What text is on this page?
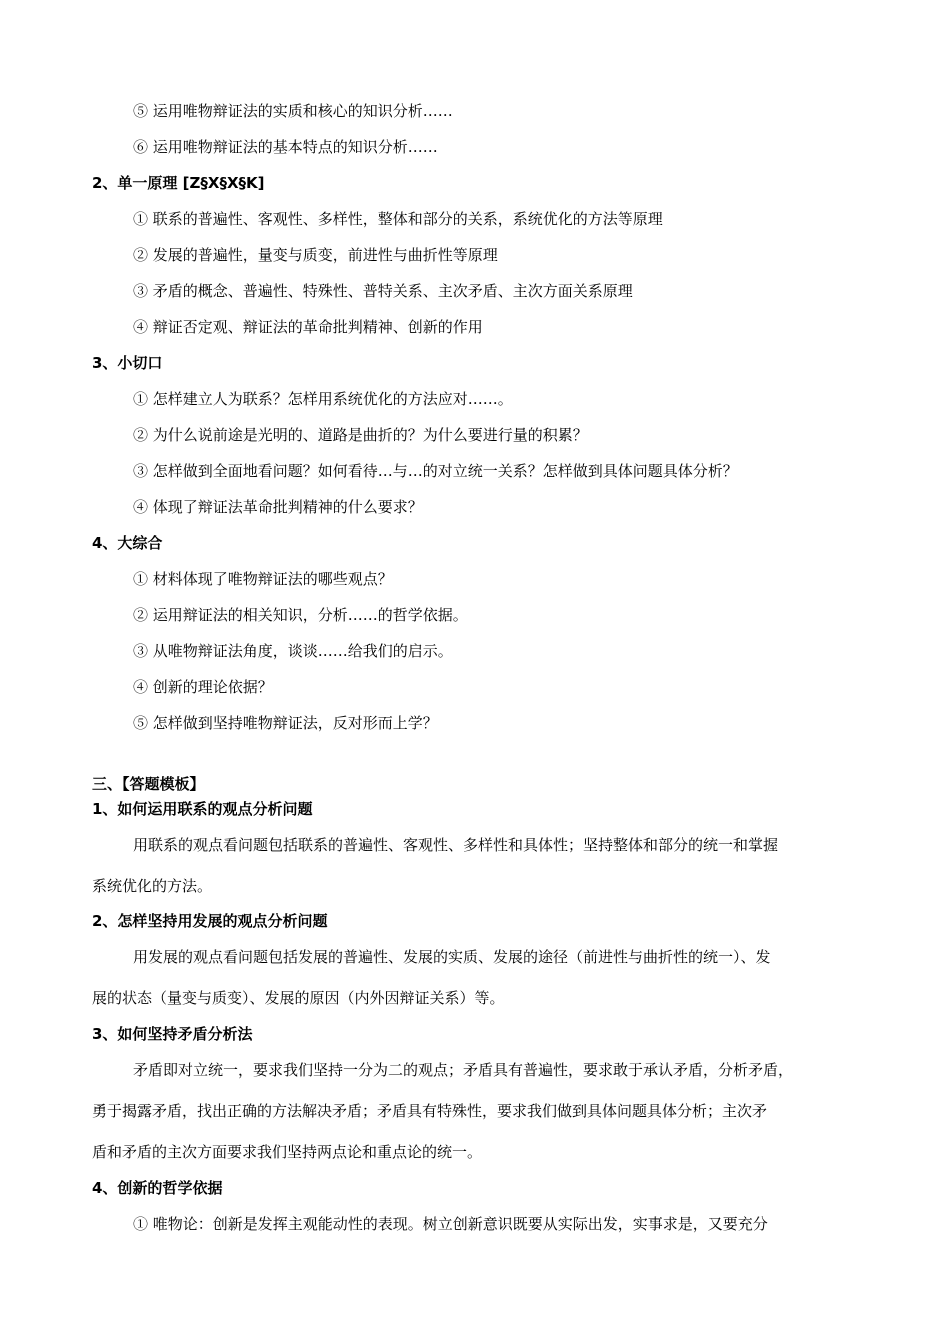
⑤ 运用唯物辩证法的实质和核心的知识分析……
⑥ 运用唯物辩证法的基本特点的知识分析……
2、单一原理 [Z§X§X§K]
① 联系的普遍性、客观性、多样性，整体和部分的关系，系统优化的方法等原理
② 发展的普遍性，量变与质变，前进性与曲折性等原理
③ 矛盾的概念、普遍性、特殊性、普特关系、主次矛盾、主次方面关系原理
④ 辩证否定观、辩证法的革命批判精神、创新的作用
3、小切口
① 怎样建立人为联系？怎样用系统优化的方法应对……。
② 为什么说前途是光明的、道路是曲折的？为什么要进行量的积累？
③ 怎样做到全面地看问题？如何看待…与…的对立统一关系？怎样做到具体问题具体分析？
④ 体现了辩证法革命批判精神的什么要求？
4、大综合
① 材料体现了唯物辩证法的哪些观点？
② 运用辩证法的相关知识，分析……的哲学依据。
③ 从唯物辩证法角度，谈谈……给我们的启示。
④ 创新的理论依据？
⑤ 怎样做到坚持唯物辩证法，反对形而上学？
三、【答题模板】
1、如何运用联系的观点分析问题
用联系的观点看问题包括联系的普遍性、客观性、多样性和具体性；坚持整体和部分的统一和掌握
系统优化的方法。
2、怎样坚持用发展的观点分析问题
用发展的观点看问题包括发展的普遍性、发展的实质、发展的途径（前进性与曲折性的统一）、发
展的状态（量变与质变）、发展的原因（内外因辩证关系）等。
3、如何坚持矛盾分析法
矛盾即对立统一，要求我们坚持一分为二的观点；矛盾具有普遍性，要求敢于承认矛盾，分析矛盾，
勇于揭露矛盾，找出正确的方法解决矛盾；矛盾具有特殊性，要求我们做到具体问题具体分析；主次矛
盾和矛盾的主次方面要求我们坚持两点论和重点论的统一。
4、创新的哲学依据
① 唯物论：创新是发挥主观能动性的表现。树立创新意识既要从实际出发，实事求是，又要充分
